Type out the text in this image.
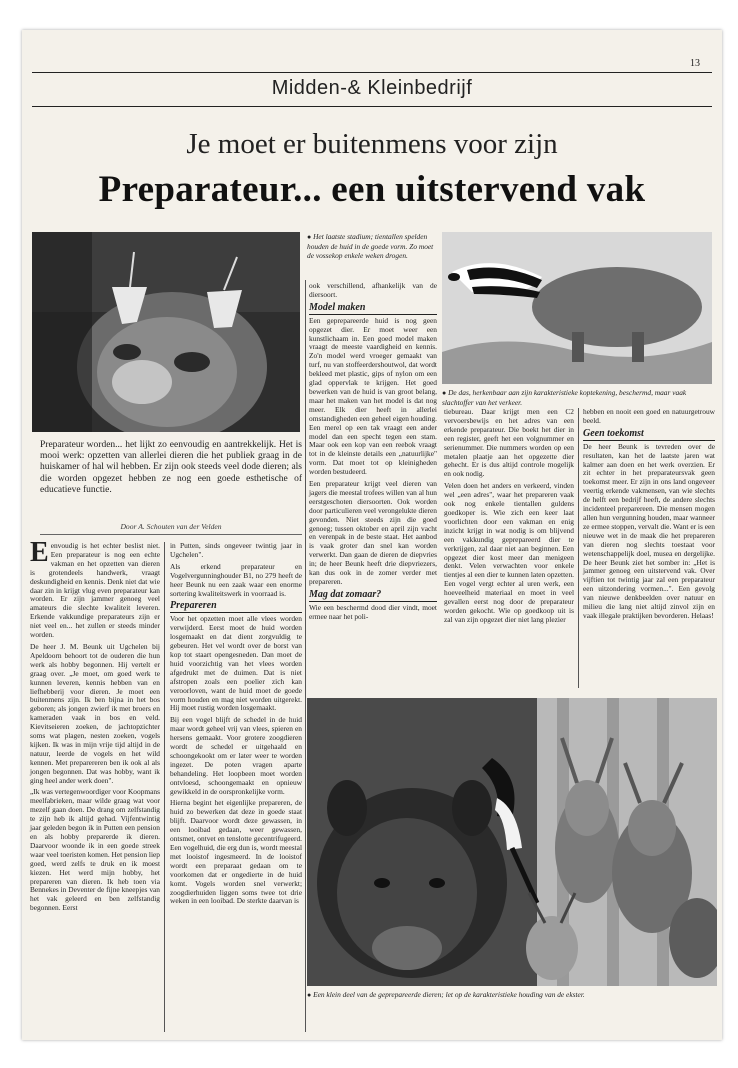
13
Midden-& Kleinbedrijf
Je moet er buitenmens voor zijn
Preparateur... een uitstervend vak
● Het laatste stadium; tientallen spelden houden de huid in de goede vorm. Zo moet de vossekop enkele weken drogen.
● De das, herkenbaar aan zijn karakteristieke koptekening, beschermd, maar vaak slachtoffer van het verkeer.
Preparateur worden... het lijkt zo eenvoudig en aantrekkelijk. Het is mooi werk: opzetten van allerlei dieren die het publiek graag in de huiskamer of hal wil hebben. Er zijn ook steeds veel dode dieren; als die worden opgezet hebben ze nog een goede esthetische of educatieve functie.
Door A. Schouten van der Velden

Eenvoudig is het echter beslist niet. Een preparateur is nog een echte vakman en het opzetten van dieren is grotendeels handwerk, vraagt deskundigheid en kennis. Denk niet dat wie daar zin in krijgt vlug even preparateur kan worden. Er zijn jammer genoeg veel amateurs die slechte kwaliteit leveren. Erkende vakkundige preparateurs zijn er niet veel en... het zullen er steeds minder worden.

De heer J. M. Beunk uit Ugchelen bij Apeldoorn behoort tot de ouderen die hun werk als hobby begonnen. Hij vertelt er graag over. „Je moet, om goed werk te kunnen leveren, kennis hebben van en liefhebberij voor dieren. Je moet een buitenmens zijn. Ik ben bijna in het bos geboren; als jongen zwierf ik met broers en kameraden vaak in bos en veld. Kievitseieren zoeken, de jachtopzichter soms wat plagen, nesten zoeken, vogels kijken. Ik was in mijn vrije tijd altijd in de natuur, leerde de vogels en het wild kennen. Met preparereren ben ik ook al als jongen begonnen. Dat was hobby, want ik ging heel ander werk doen".

„Ik was vertegenwoordiger voor Koopmans meelfabrieken, maar wilde graag wat voor mezelf gaan doen. De drang om zelfstandig te zijn heb ik altijd gehad. Vijfentwintig jaar geleden begon ik in Putten een pension en als hobby preparerde ik dieren. Daarvoor woonde ik in een goede streek waar veel toeristen komen. Het pension liep goed, werd zelfs te druk en ik moest kiezen. Het werd mijn hobby, het prepareren van dieren. Ik heb toen via Bennekes in Deventer de fijne kneepjes van het vak geleerd en ben zelfstandig begonnen. Eerst

in Putten, sinds ongeveer twintig jaar in Ugchelen".

Als erkend preparateur en Vogelvergunninghouder B1, no 279 heeft de heer Beunk nu een zaak waar een enorme sortering kwaliteitswerk in voorraad is.

Prepareren

Voor het opzetten moet alle vlees worden verwijderd. Eerst moet de huid worden losgemaakt en dat dient zorgvuldig te gebeuren. Het vel wordt over de borst van kop tot staart opengesneden. Dan moet de huid voorzichtig van het vlees worden afgedrukt met de duimen. Dat is niet afstropen zoals een poelier zich kan veroorloven, want de huid moet de goede vorm houden en mag niet worden uitgerekt. Hij moet rustig worden losgemaakt.

Bij een vogel blijft de schedel in de huid maar wordt geheel vrij van vlees, spieren en hersens gemaakt. Voor grotere zoogdieren wordt de schedel er uitgehaald en schoongekookt om er later weer te worden ingezet. De poten vragen aparte behandeling. Het loopbeen moet worden ontvloesd, schoongemaakt en opnieuw gewikkeld in de oorspronkelijke vorm.

Hierna begint het eigenlijke prepareren, de huid zo bewerken dat deze in goede staat blijft. Daarvoor wordt deze gewassen, in een looibad gedaan, weer gewassen, ontsmet, ontvet en tenslotte gecentrifugeerd. Een vogelhuid, die erg dun is, wordt meestal met looistof ingesmeerd. In de looistof wordt een preparaat gedaan om te voorkomen dat er ongedierte in de huid komt. Vogels worden snel verwerkt; zoogdierhuiden liggen soms twee tot drie weken in een looibad. De sterkte daarvan is

ook verschillend, afhankelijk van de diersoort.

Model maken

Een geprepareerde huid is nog geen opgezet dier. Er moet weer een kunstlichaam in. Een goed model maken vraagt de meeste vaardigheid en kennis. Zo'n model werd vroeger gemaakt van turf, nu van stoffeerdershoutwol, dat wordt bekleed met plastic, gips of nylon om een glad oppervlak te krijgen. Het goed bewerken van de huid is van groot belang, maar het maken van het model is dat nog meer. Elk dier heeft in allerlei omstandigheden een geheel eigen houding. Een merel op een tak vraagt een ander model dan een specht tegen een stam. Maar ook een kop van een reebok vraagt tot in de kleinste details een „natuurlijke" vorm. Dat moet tot op kleinigheden worden bestudeerd.

Een preparateur krijgt veel dieren van jagers die meestal trofees willen van al hun eerstgeschoten diersoorten. Ook worden door particulieren veel verongelukte dieren gevonden. Niet steeds zijn die goed genoeg; tussen oktober en april zijn vacht en verenpak in de beste staat. Het aanbod is vaak groter dan snel kan worden verwerkt. Dan gaan de dieren de diepvries in; de heer Beunk heeft drie diepvriezers, kan dus ook in de zomer verder met prepareren.

Mag dat zomaar?

Wie een beschermd dood dier vindt, moet ermee naar het poli-

tiebureau. Daar krijgt men een C2 vervoersbewijs en het adres van een erkende preparateur. Die boekt het dier in een register, geeft het een volgnummer en serienummer. Die nummers worden op een metalen plaatje aan het opgezette dier gehecht. Er is dus altijd controle mogelijk en ook nodig.

Velen doen het anders en verkeerd, vinden wel „een adres", waar het prepareren vaak ook nog enkele tientallen guldens goedkoper is. Wie zich een keer laat voorlichten door een vakman en enig inzicht krijgt in wat nodig is om blijvend een vakkundig geprepareerd dier te verkrijgen, zal daar niet aan beginnen. Een opgezet dier kost meer dan menigeen denkt. Velen verwachten voor enkele tientjes al een dier te kunnen laten opzetten. Een vogel vergt echter al uren werk, een hoeveelheid materiaal en moet in veel gevallen eerst nog door de preparateur worden gekocht. Wie op goedkoop uit is zal van zijn opgezet dier niet lang plezier

hebben en nooit een goed en natuurgetrouw beeld.

Geen toekomst

De heer Beunk is tevreden over de resultaten, kan het de laatste jaren wat kalmer aan doen en het werk overzien. Er zit echter in het preparateursvak geen toekomst meer. Er zijn in ons land ongeveer veertig erkende vakmensen, van wie slechts de helft een bedrijf heeft, de andere slechts incidenteel preparereen. Die mensen mogen allen hun vergunning houden, maar wanneer ze ermee stoppen, vervalt die. Want er is een nieuwe wet in de maak die het prepareren van dieren nog slechts toestaat voor wetenschappelijk doel, musea en dergelijke. De heer Beunk ziet het somber in: „Het is jammer genoeg een uitstervend vak. Over vijftien tot twintig jaar zal een preparateur een uitzondering vormen...". Een gevolg van nieuwe denkbeelden over natuur en milieu die lang niet altijd zinvol zijn en vaak illegale praktijken bevorderen. Helaas!

● Een klein deel van de geprepareerde dieren; let op de karakteristieke houding van de ekster.
